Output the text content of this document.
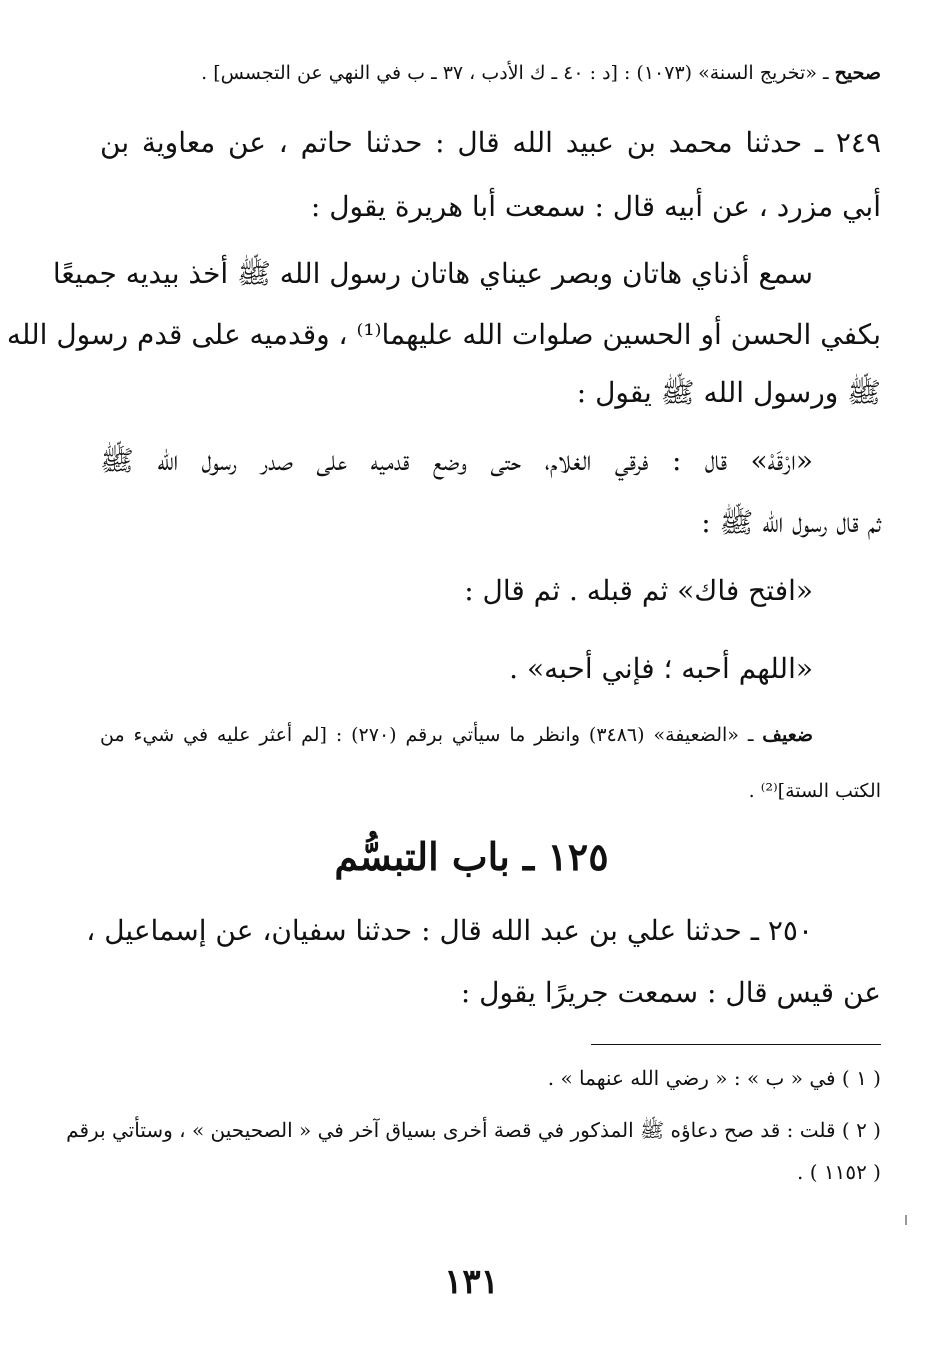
صحيح ـ «تخريج السنة» (١٠٧٣) : [د : ٤٠ ـ ك الأدب ، ٣٧ ـ ب في النهي عن التجسس] .
٢٤٩ ـ حدثنا محمد بن عبيد الله قال : حدثنا حاتم ، عن معاوية بن
أبي مزرد ، عن أبيه قال : سمعت أبا هريرة يقول :
سمع أذناي هاتان وبصر عيناي هاتان رسول الله ﷺ أخذ بيديه جميعًا
بكفي الحسن أو الحسين صلوات الله عليهما⁽¹⁾ ، وقدميه على قدم رسول الله
ﷺ ورسول الله ﷺ يقول :
«ارْقَهْ» قال : فرقي الغلام، حتى وضع قدميه على صدر رسول الله ﷺ
ثم قال رسول الله ﷺ :
«افتح فاك» ثم قبله . ثم قال :
«اللهم أحبه ؛ فإني أحبه» .
ضعيف ـ «الضعيفة» (٣٤٨٦) وانظر ما سيأتي برقم (٢٧٠) : [لم أعثر عليه في شيء من
الكتب الستة]⁽²⁾ .
١٢٥ ـ باب التبسُّم
٢٥٠ ـ حدثنا علي بن عبد الله قال : حدثنا سفيان، عن إسماعيل ،
عن قيس قال : سمعت جريرًا يقول :
( ١ ) في « ب » : « رضي الله عنهما » .
( ٢ ) قلت : قد صح دعاؤه ﷺ المذكور في قصة أخرى بسياق آخر في « الصحيحين » ، وستأتي برقم
( ١١٥٢ ) .
١٣١
